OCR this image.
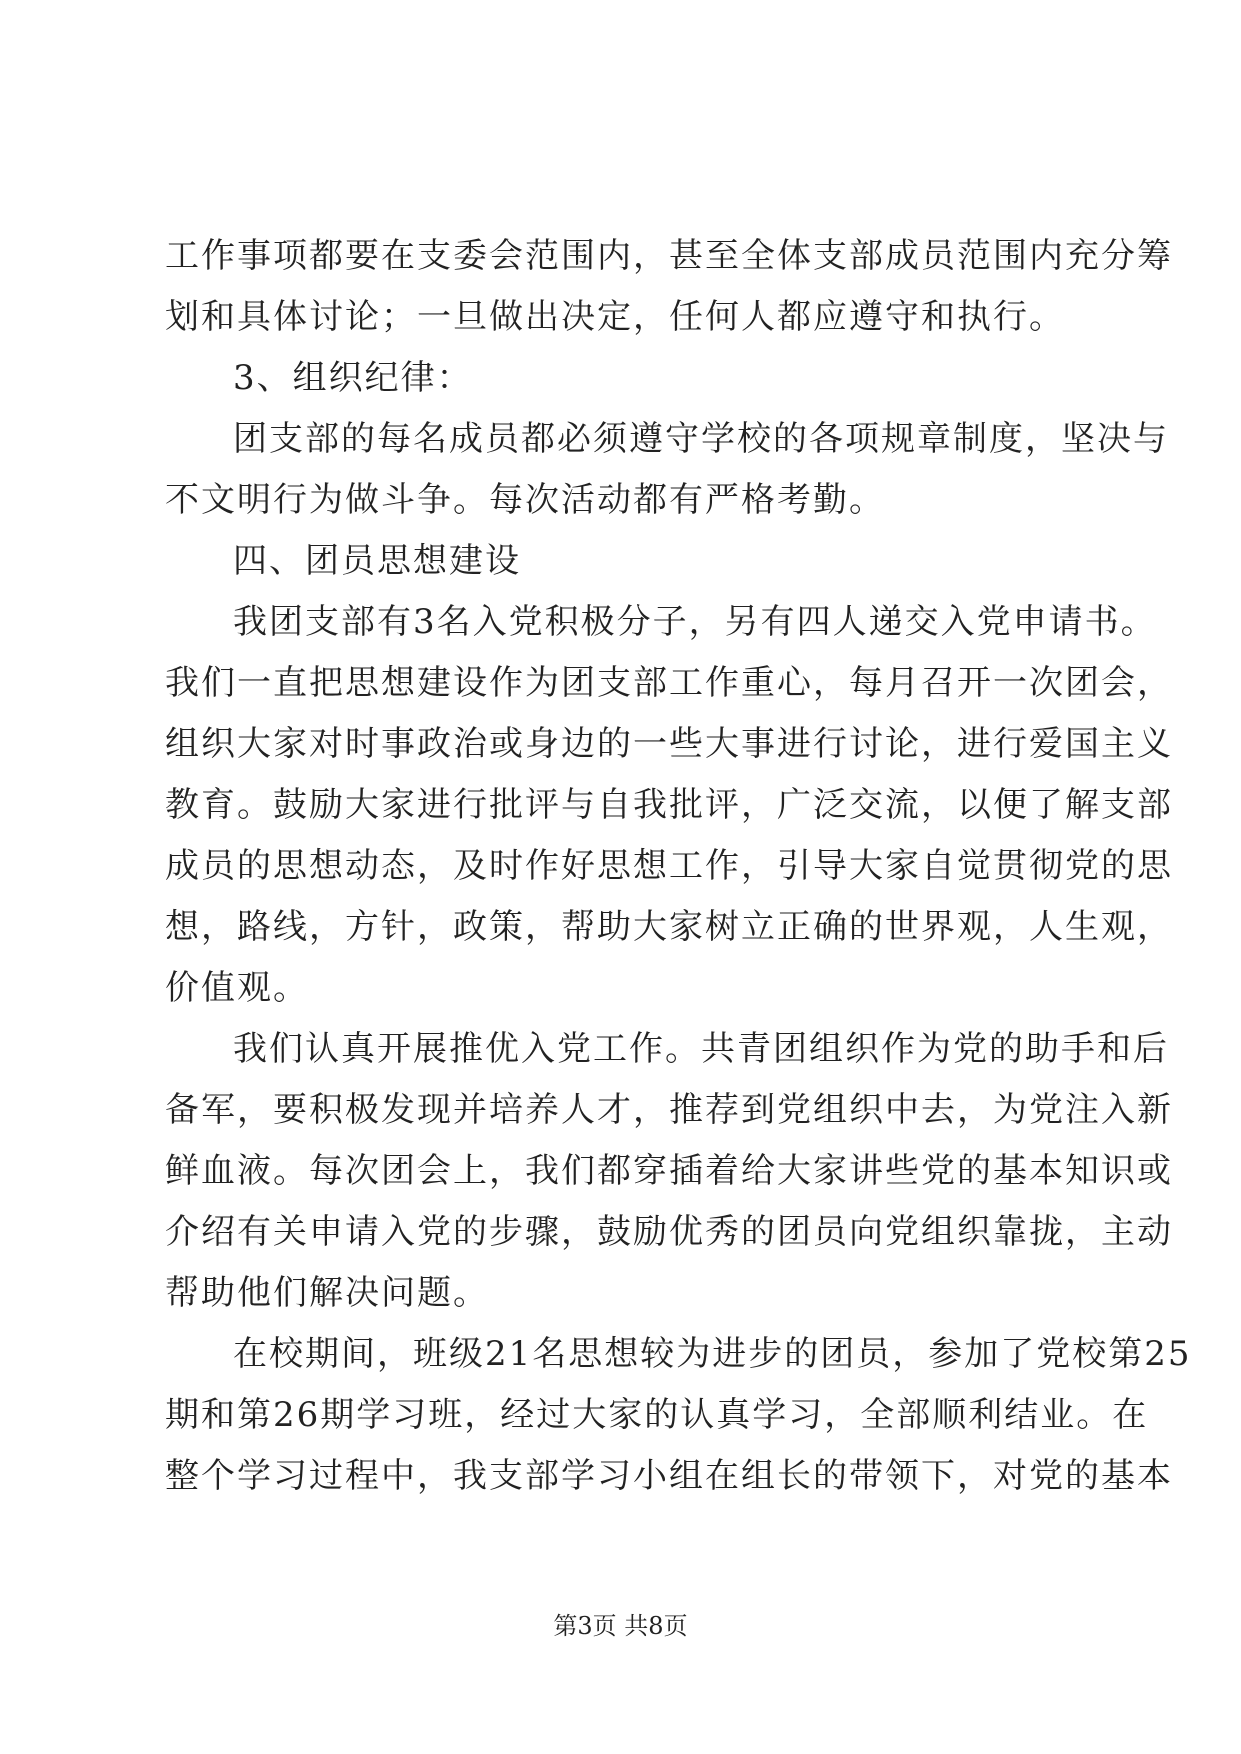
工作事项都要在支委会范围内，甚至全体支部成员范围内充分筹
划和具体讨论；一旦做出决定，任何人都应遵守和执行。
3、组织纪律：
团支部的每名成员都必须遵守学校的各项规章制度，坚决与
不文明行为做斗争。每次活动都有严格考勤。
四、团员思想建设
我团支部有3名入党积极分子，另有四人递交入党申请书。
我们一直把思想建设作为团支部工作重心，每月召开一次团会，
组织大家对时事政治或身边的一些大事进行讨论，进行爱国主义
教育。鼓励大家进行批评与自我批评，广泛交流，以便了解支部
成员的思想动态，及时作好思想工作，引导大家自觉贯彻党的思
想，路线，方针，政策，帮助大家树立正确的世界观，人生观，
价值观。
我们认真开展推优入党工作。共青团组织作为党的助手和后
备军，要积极发现并培养人才，推荐到党组织中去，为党注入新
鲜血液。每次团会上，我们都穿插着给大家讲些党的基本知识或
介绍有关申请入党的步骤，鼓励优秀的团员向党组织靠拢，主动
帮助他们解决问题。
在校期间，班级21名思想较为进步的团员，参加了党校第25
期和第26期学习班，经过大家的认真学习，全部顺利结业。在
整个学习过程中，我支部学习小组在组长的带领下，对党的基本
第3页 共8页
